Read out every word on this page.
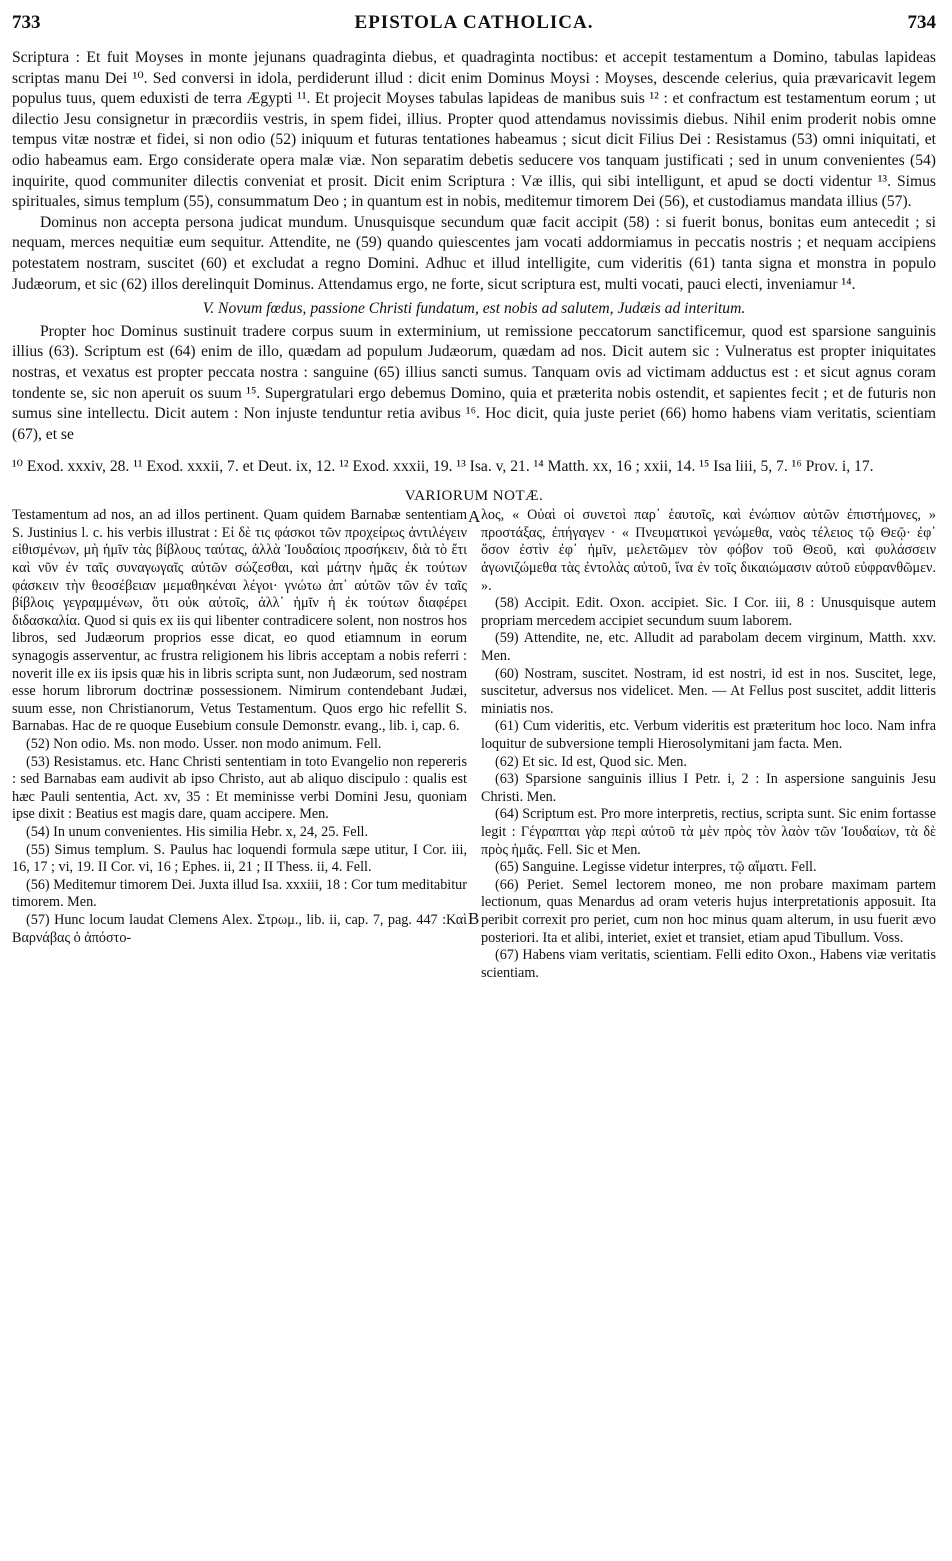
733	EPISTOLA CATHOLICA.	734

Scriptura : Et fuit Moyses in monte jejunans quadraginta diebus, et quadraginta noctibus: et accepit testamentum a Domino, tabulas lapideas scriptas manu Dei ¹⁰. Sed conversi in idola, perdiderunt illud : dicit enim Dominus Moysi : Moyses, descende celerius, quia prævaricavit legem populus tuus, quem eduxisti de terra Ægypti ¹¹. Et projecit Moyses tabulas lapideas de manibus suis ¹² : et confractum est testamentum eorum ; ut dilectio Jesu consignetur in præcordiis vestris, in spem fidei, illius. Propter quod attendamus novissimis diebus. Nihil enim proderit nobis omne tempus vitæ nostræ et fidei, si non odio (52) iniquum et futuras tentationes habeamus ; sicut dicit Filius Dei : Resistamus (53) omni iniquitati, et odio habeamus eam. Ergo considerate opera malæ viæ. Non separatim debetis seducere vos tanquam justificati ; sed in unum convenientes (54) inquirite, quod communiter dilectis conveniat et prosit. Dicit enim Scriptura : Væ illis, qui sibi intelligunt, et apud se docti videntur ¹³. Simus spirituales, simus templum (55), consummatum Deo ; in quantum est in nobis, meditemur timorem Dei (56), et custodiamus mandata illius (57).

Dominus non accepta persona judicat mundum. Unusquisque secundum quæ facit accipit (58) : si fuerit bonus, bonitas eum antecedit ; si nequam, merces nequitiæ eum sequitur. Attendite, ne (59) quando quiescentes jam vocati addormiamus in peccatis nostris ; et nequam accipiens potestatem nostram, suscitet (60) et excludat a regno Domini. Adhuc et illud intelligite, cum videritis (61) tanta signa et monstra in populo Judæorum, et sic (62) illos derelinquit Dominus. Attendamus ergo, ne forte, sicut scriptura est, multi vocati, pauci electi, inveniamur ¹⁴.

V. Novum fœdus, passione Christi fundatum, est nobis ad salutem, Judæis ad interitum.

Propter hoc Dominus sustinuit tradere corpus suum in exterminium, ut remissione peccatorum sanctificemur, quod est sparsione sanguinis illius (63). Scriptum est (64) enim de illo, quædam ad populum Judæorum, quædam ad nos. Dicit autem sic : Vulneratus est propter iniquitates nostras, et vexatus est propter peccata nostra : sanguine (65) illius sancti sumus. Tanquam ovis ad victimam adductus est : et sicut agnus coram tondente se, sic non aperuit os suum ¹⁵. Supergratulari ergo debemus Domino, quia et præterita nobis ostendit, et sapientes fecit ; et de futuris non sumus sine intellectu. Dicit autem : Non injuste tenduntur retia avibus ¹⁶. Hoc dicit, quia juste periet (66) homo habens viam veritatis, scientiam (67), et se

¹⁰ Exod. xxxiv, 28. ¹¹ Exod. xxxii, 7. et Deut. ix, 12. ¹² Exod. xxxii, 19. ¹³ Isa. v, 21. ¹⁴ Matth. xx, 16 ; xxii, 14. ¹⁵ Isa liii, 5, 7. ¹⁶ Prov. i, 17.
VARIORUM NOTÆ.
A
B

Testamentum ad nos, an ad illos pertinent. Quam quidem Barnabæ sententiam S. Justinius l. c. his verbis illustrat : Εἰ δὲ τις φάσκοι τῶν προχείρως ἀντιλέγειν εἰθισμένων, μὴ ἡμῖν τὰς βίβλους ταύτας, ἀλλὰ Ἰουδαίοις προσήκειν, διὰ τὸ ἔτι καὶ νῦν ἐν ταῖς συναγωγαῖς αὐτῶν σώζεσθαι, καὶ μάτην ἡμᾶς ἐκ τούτων φάσκειν τὴν θεοσέβειαν μεμαθηκέναι λέγοι· γνώτω ἀπ᾽ αὐτῶν τῶν ἐν ταῖς βίβλοις γεγραμμένων, ὅτι οὐκ αὐτοῖς, ἀλλ᾽ ἡμῖν ἡ ἐκ τούτων διαφέρει διδασκαλία. Quod si quis ex iis qui libenter contradicere solent, non nostros hos libros, sed Judæorum proprios esse dicat, eo quod etiamnum in eorum synagogis asserventur, ac frustra religionem his libris acceptam a nobis referri : noverit ille ex iis ipsis quæ his in libris scripta sunt, non Judæorum, sed nostram esse horum librorum doctrinæ possessionem. Nimirum contendebant Judæi, suum esse, non Christianorum, Vetus Testamentum. Quos ergo hic refellit S. Barnabas. Hac de re quoque Eusebium consule Demonstr. evang., lib. i, cap. 6.

(52) Non odio. Ms. non modo. Usser. non modo animum. Fell.

(53) Resistamus. etc. Hanc Christi sententiam in toto Evangelio non repereris : sed Barnabas eam audivit ab ipso Christo, aut ab aliquo discipulo : qualis est hæc Pauli sententia, Act. xv, 35 : Et meminisse verbi Domini Jesu, quoniam ipse dixit : Beatius est magis dare, quam accipere. Men.

(54) In unum convenientes. His similia Hebr. x, 24, 25. Fell.

(55) Simus templum. S. Paulus hac loquendi formula sæpe utitur, I Cor. iii, 16, 17 ; vi, 19. II Cor. vi, 16 ; Ephes. ii, 21 ; II Thess. ii, 4. Fell.

(56) Meditemur timorem Dei. Juxta illud Isa. xxxiii, 18 : Cor tum meditabitur timorem. Men.

(57) Hunc locum laudat Clemens Alex. Στρωμ., lib. ii, cap. 7, pag. 447 :Καὶ Βαρνάβας ὁ ἀπόστο-

λος, « Οὐαὶ οἱ συνετοὶ παρ᾽ ἑαυτοῖς, καὶ ἐνώπιον αὐτῶν ἐπιστήμονες, » προστάξας, ἐπήγαγεν · « Πνευματικοὶ γενώμεθα, ναὸς τέλειος τῷ Θεῷ· ἐφ᾽ ὅσον ἐστὶν ἐφ᾽ ἡμῖν, μελετῶμεν τὸν φόβον τοῦ Θεοῦ, καὶ φυλάσσειν ἀγωνιζώμεθα τὰς ἐντολὰς αὐτοῦ, ἵνα ἐν τοῖς δικαιώμασιν αὐτοῦ εὐφρανθῶμεν. ».

(58) Accipit. Edit. Oxon. accipiet. Sic. I Cor. iii, 8 : Unusquisque autem propriam mercedem accipiet secundum suum laborem.

(59) Attendite, ne, etc. Alludit ad parabolam decem virginum, Matth. xxv. Men.

(60) Nostram, suscitet. Nostram, id est nostri, id est in nos. Suscitet, lege, suscitetur, adversus nos videlicet. Men. — At Fellus post suscitet, addit litteris miniatis nos.

(61) Cum videritis, etc. Verbum videritis est præteritum hoc loco. Nam infra loquitur de subversione templi Hierosolymitani jam facta. Men.

(62) Et sic. Id est, Quod sic. Men.

(63) Sparsione sanguinis illius I Petr. i, 2 : In aspersione sanguinis Jesu Christi. Men.

(64) Scriptum est. Pro more interpretis, rectius, scripta sunt. Sic enim fortasse legit : Γέγραπται γὰρ περὶ αὐτοῦ τὰ μὲν πρὸς τὸν λαὸν τῶν Ἰουδαίων, τὰ δὲ πρὸς ἡμᾶς. Fell. Sic et Men.

(65) Sanguine. Legisse videtur interpres, τῷ αἵματι. Fell.

(66) Periet. Semel lectorem moneo, me non probare maximam partem lectionum, quas Menardus ad oram veteris hujus interpretationis apposuit. Ita peribit correxit pro periet, cum non hoc minus quam alterum, in usu fuerit ævo posteriori. Ita et alibi, interiet, exiet et transiet, etiam apud Tibullum. Voss.

(67) Habens viam veritatis, scientiam. Felli edito Oxon., Habens viæ veritatis scientiam.
